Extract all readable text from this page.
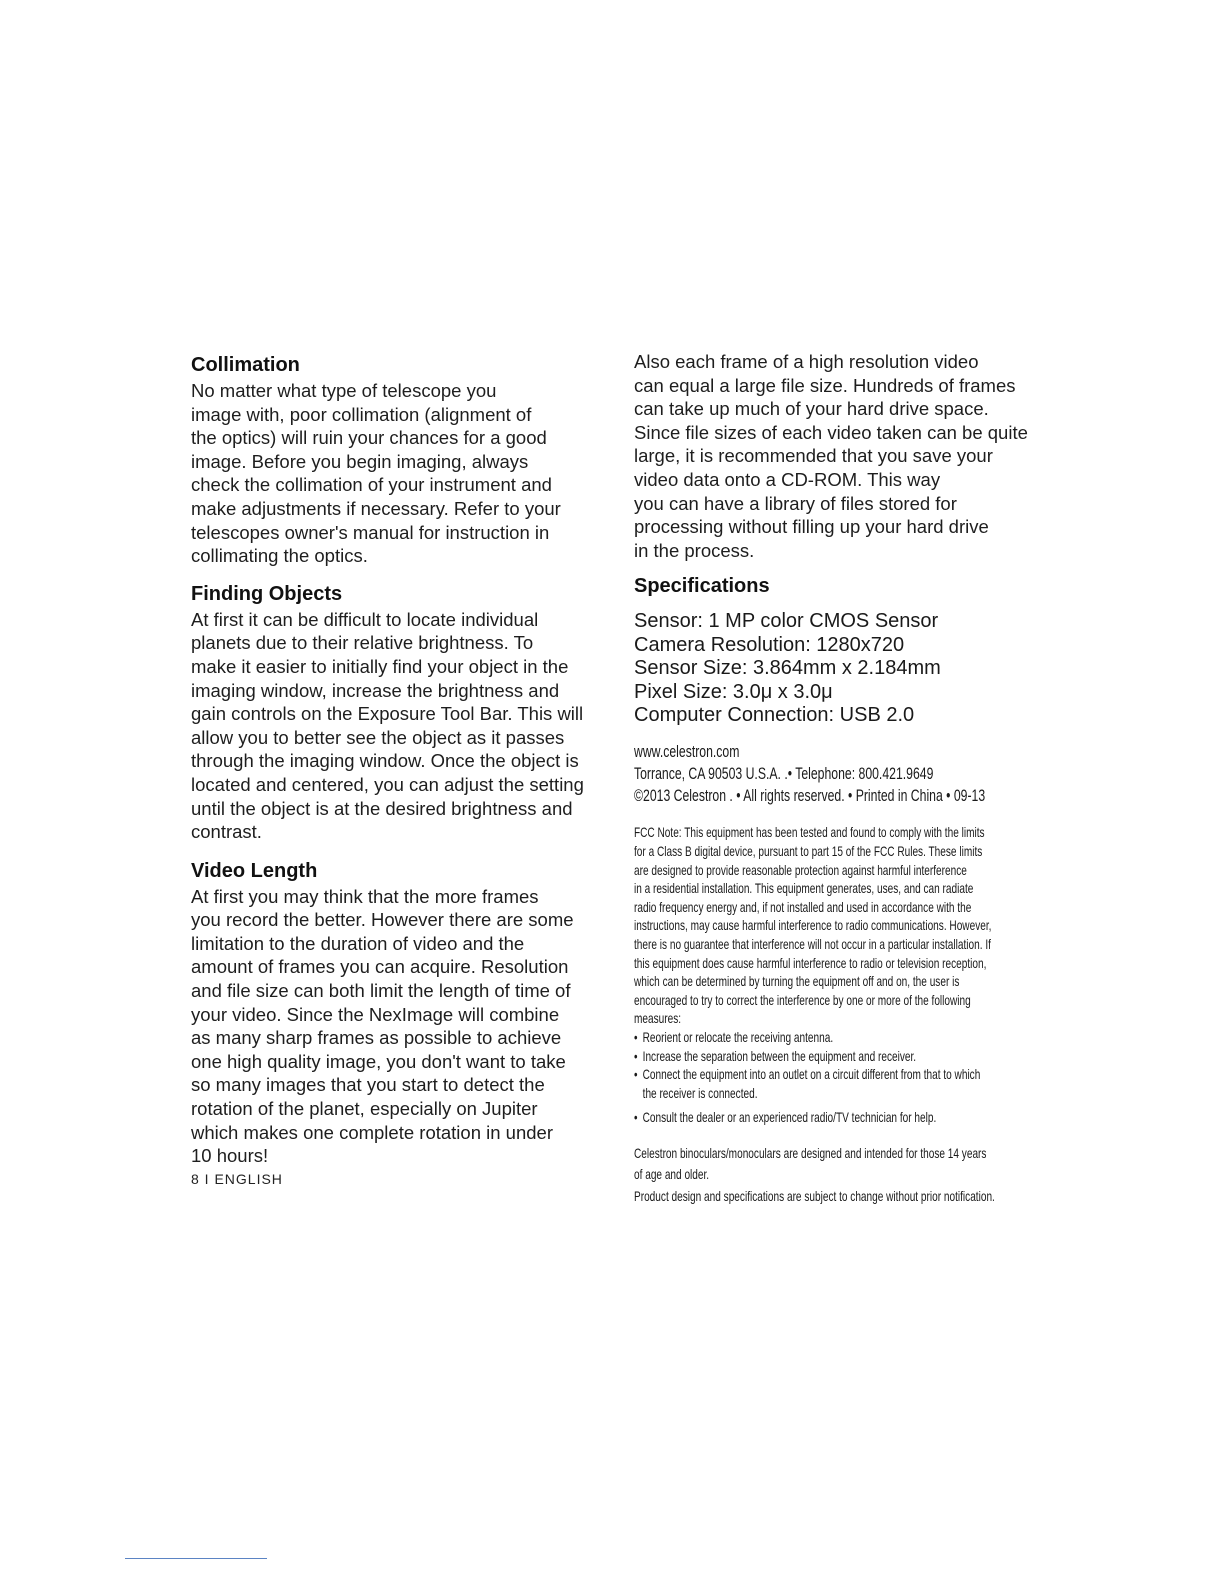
Collimation

No matter what type of telescope you
image with, poor collimation (alignment of
the optics) will ruin your chances for a good
image. Before you begin imaging, always
check the collimation of your instrument and
make adjustments if necessary. Refer to your
telescopes owner's manual for instruction in
collimating the optics.

Finding Objects

At first it can be difficult to locate individual
planets due to their relative brightness. To
make it easier to initially find your object in the
imaging window, increase the brightness and
gain controls on the Exposure Tool Bar. This will
allow you to better see the object as it passes
through the imaging window. Once the object is
located and centered, you can adjust the setting
until the object is at the desired brightness and
contrast.

Video Length

At first you may think that the more frames
you record the better. However there are some
limitation to the duration of video and the
amount of frames you can acquire. Resolution
and file size can both limit the length of time of
your video. Since the NexImage will combine
as many sharp frames as possible to achieve
one high quality image, you don't want to take
so many images that you start to detect the
rotation of the planet, especially on Jupiter
which makes one complete rotation in under
10 hours!

8 I ENGLISH

Also each frame of a high resolution video
can equal a large file size. Hundreds of frames
can take up much of your hard drive space.
Since file sizes of each video taken can be quite
large, it is recommended that you save your
video data onto a CD-ROM. This way
you can have a library of files stored for
processing without filling up your hard drive
in the process.

Specifications
Sensor: 1 MP color CMOS Sensor
Camera Resolution: 1280x720
Sensor Size: 3.864mm x 2.184mm
Pixel Size: 3.0μ x 3.0μ
Computer Connection: USB 2.0
www.celestron.com
Torrance, CA 90503 U.S.A. .• Telephone: 800.421.9649
©2013 Celestron . • All rights reserved. • Printed in China • 09-13
FCC Note: This equipment has been tested and found to comply with the limits
for a Class B digital device, pursuant to part 15 of the FCC Rules. These limits
are designed to provide reasonable protection against harmful interference
in a residential installation. This equipment generates, uses, and can radiate
radio frequency energy and, if not installed and used in accordance with the
instructions, may cause harmful interference to radio communications. However,
there is no guarantee that interference will not occur in a particular installation. If
this equipment does cause harmful interference to radio or television reception,
which can be determined by turning the equipment off and on, the user is
encouraged to try to correct the interference by one or more of the following
measures:
• Reorient or relocate the receiving antenna.
• Increase the separation between the equipment and receiver.
• Connect the equipment into an outlet on a circuit different from that to which
the receiver is connected.
• Consult the dealer or an experienced radio/TV technician for help.
Celestron binoculars/monoculars are designed and intended for those 14 years
of age and older.
Product design and specifications are subject to change without prior notification.
